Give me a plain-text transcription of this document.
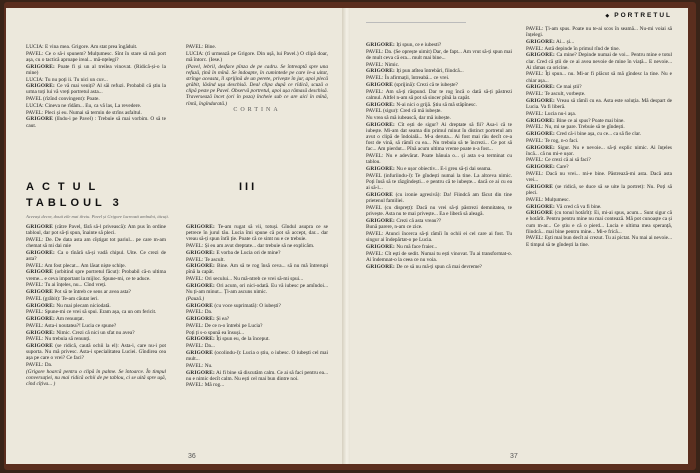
LUCIA: E vina mea. Grigore. Am stat prea îngăduit.

PAVEL: Ce o să-i spunem? Mulțumesc. Sînt în stare să mă port așa, cu o tactică aproape ireal... mă-nțelegi?

GRIGORE: Poate fi și un al treilea vinovat. (Ridică-și-o la mine)

LUCIA: Tu nu poți ii. Tu nici un cuv...

GRIGORE: Ce vă mai veniți? Al săi refuzi. Probabil că știu la urma toți lui vă vreți portretul asta...

PAVEL (rîzînd convingent): Poate.

LUCIA: Cineva ne rîdăm... Eu, ca vă las, La revedere.

PAVEL: Pleci și eu. Numai să termin de strîns asfaltul.

GRIGORE (lîndu-i pe Pavel) : Trebuie să mai vorbim. O să te caut.

PAVEL: Bine.

LUCIA: (tî urmează pe Grigore. Din ușă, lui Pavel.) O clipă doar, mă întorc. (Iese.)

(Pavel, lebril, desface pînza de pe cadru. Se întreaptă spre una refuză, țină în mînă. Se îndoapte, în cumintede pe care le-a uitat, strînge aceasta, îl sprijină de un perete, privește în jur, apoi plecă grăbit, lăsînd ușa deschisă. Deal clipa după ce rîdică, scuză o clipă peste pe Pavel. Observă portretul, apoi ușa rămasă deschisă. Traversează încet (ori în poza) încheie sub ce are aici în mînă, rîntă, îngîndurată.)

CORTINA

ACTUL	III
TABLOUL 3
Aceeași decor, două zile mai tîrziu. Pavel și Grigore lucrează amîndoi, tăcuți.

GRIGORE (către Pavel, fără să-l privească): Am pus în ordine tabloul, dar pot să-ți spun, înainte să pleci.

PAVEL: De. De data asta am cîștigat tot pariul... pe care m-am chemat să mi dai mie

GRIGORE: Ca o tînără să-și vadă chipul. Uite. Ce crezi de asta?

PAVEL: Am fost plecat... Am lăsat niște schițe.

GRIGORE (orbitind spre portretul făcut): Probabil că-n ultima vreme... e ceva important la mijloc. Spune-mi, ce te aduce.

PAVEL: Tu ai înțeles, nu... Cînd vreți.

GRIGORE Pot să te întreb ce sens ar avea asta?

PAVEL (grăbit): Te-am căutat ieri.

GRIGORE: Nu mai plecam niciodată.

PAVEL: Spune-mi ce vrei să spui. Eram așa, ca un om fericit.

GRIGORE: Am renunțat.

PAVEL: Asta-i noutatea?! Lucia ce spune?

GRIGORE: Nimic. Crezi că nici un sfat nu avea?

PAVEL: Nu trebuia să renunți.

GRIGORE (se ridică, caută ochii la el): Asta-i, care nu-i pot suporta. Nu mă privesc. Asta-i specialitatea Luciei. Gîndirea cea așa pe care o vrei? Ce faci?

PAVEL: Da.

(Grigore hoarcă pentru o clipă în palme. Se întoarce. În timpul conversației, nu mai ridică ochii de pe tablou, ci se uită spre uşă, cînd cîțiva... )

GRIGORE: Te-am rugat să vii, totuși. Gîndul asupra ce se petrece în jurul tău. Lucia îmi spune că pot să accept, dar... dar vreau să-ți spun întîi ție. Poate că ce simt nu e ce trebuie.

PAVEL: Și eu am avut dreptate... dar trebuie să ne explicăm.

GRIGORE: E vorba de Lucia ori de mine?

PAVEL: Te ascult.

GRIGORE: Bine. Am să te rog însă ceva... să nu mă întrerupi pînă la capăt.

PAVEL: Ori secului... Nu mă-ntreb ce vrei să-mi spui...

GRIGORE: Ori acum, ori nici-odată. Eu vă iubesc pe amîndoi... Nu ți-am minut... Ți-am ascuns nimic.

(Pauză.)

GRIGORE (cu voce suprimată): O iubești?

PAVEL: Da.

GRIGORE: Și ea?

PAVEL: De ce n-o întrebi pe Lucia?

Poți ți s-o spună ea însuși...

GRIGORE: Îți spun eu, de la început.

PAVEL: Da...

GRIGORE (ocolindu-l): Lucia o știu, o iubesc. O iubești cel mai mult...

PAVEL: Nu.

GRIGORE: Ai fi bine să discutăm calm. Ce ai să faci pentru ea... nu e nimic decît calm. Nu ești cel mai bun dintre noi.

PAVEL: Mă rog...

36
◆ PORTRETUL

GRIGORE: Iți spun, ce e iubesti?

PAVEL: Da. (Se oprește uimit) Dar, de fapt... Am vrut să-ți spun mai de mult ceva că era... mult mai bine...

PAVEL: Nimic.

GRIGORE: Iți pun atîtea întrebări, fiindcă...

PAVEL: În afirmații, întreabă... ce vrei.

GRIGORE (sprijină): Crezi că te iubește?

PAVEL: Am să-ți răspund. Dar te rog încă o dată să-ți păstrezi calmul. Altfel n-am să pot să sincer pînă la capăt.

GRIGORE: N-ai nici o grijă. Știu să mă stăpînesc.

PAVEL (sigur): Cred că mă iubește.

Nu vrea să mă iubească, dar mă iubește.

GRIGORE: Cît ești de sigur? Ai dreptate să fii? Asa-i că te iubește. Mi-am dat seama din primul minut în distinct portretul am avut o clipă de îndoială... M-a deruta... Ai fost mai rău decît ce-a fost de vină, să rămîi cu ea... Nu trebuia să te încrezi... Ce pot să fac... Am pierdut... Pînă acum ultima vreme poate n-a fost...

PAVEL: Nu e adevărat. Poate bănuia o... și asta s-a terminat cu tablou.

GRIGORE: Nu e ușor obiectiv... E-i greu să-ți dai seama.

PAVEL (infuriindu-l): Te gîndești numai la tine. La altceva nimic. Poți însă să te răzgîndești... e pentru că te iubește... dacă ce ai cu ea ai să-l...

GRIGORE (cu ironie agresivă): Da! Fiindcă am făcut din tine prietenul familiei.

PAVEL (cu disprețt): Dacă nu vrei să-ți păstrezi demnitatea, te privește. Asta nu te mai privește... Ea e liberă să aleagă.

GRIGORE: Crezi că asta vreau??

Bună parere, n-am ce zice.

PAVEL: Atunci încerca să-ți rămîi în ochii ei cel care ai fost. Tu singur ai îndepărtat-o pe Lucia.

GRIGORE: Nu mă face fraier...

PAVEL: Cît ești de sedit. Numai tu ești vinovat. Tu ai transformat-o. Ai îndemnat-o la ceea ce nu voia.

GRIGORE: De ce să nu mă-ți spun că mai devreme?

PAVEL: Ți-am spus. Poate nu te-ai scos în seamă... Nu-mi voiai să înțelegi.

GRIGORE: Ai... și...

PAVEL: Astă depinde în primul rînd de tine.

GRIGORE: Ca mine? Depinde numai de voi... Pentru mine e totul clar. Cred că știi de ce ai avea nevoie de mine în viață... E nevoie... Ai rămas ca oricine.

PAVEL: Îți spun... nu. Mi-ar fi plăcut să mă gîndesc la tine. Nu e chiar așa...

GRIGORE: Ce mai știi?

PAVEL: Te ascult, vorbește.

GRIGORE: Vreau să rămîi cu ea. Asta este soluția. Mă despart de Lucia. Va fi liberă.

PAVEL: Lucia nu-i așa.

GRIGORE: Bine ce ai spus? Poate mai bine.

PAVEL: Nu, mi se pare. Trebuie să te gîndești.

GRIGORE: Cred că-i bine așa, cu ce... ca să fie clar.

PAVEL: Te rog, n-o faci.

GRIGORE: Sigur. Nu e nevoie... să-ți explic nimic. Ai înțeles încă... că nu mi-e ușor.

PAVEL: Ce crezi că ai să faci?

GRIGORE: Care?

PAVEL: Dacă nu vrei... mi-e bine. Păstrează-mi asta. Dacă asta vrei...

GRIGORE (se ridică, se duce să se uite la portret): Nu. Poți să pleci.

PAVEL: Mulțumesc.

GRIGORE: Vă cred că va fi bine.

GRIGORE (cu tonul hotărît): Ei, mi-ai spus, acum... Sunt sigur că e hotărît. Pentru pentru mine nu mai contează. Mă pot cunoaște ca și cum m-ar... Ce știu e că o pierd... Lucia e ultima mea speranță, fiindcă... mai bine pentru mine... Mi-e frică...

PAVEL: Ești mai bun decît ai crezut. Tu ai pictat. Nu mai ai nevoie... E timpul să te gîndești la tine.

37
